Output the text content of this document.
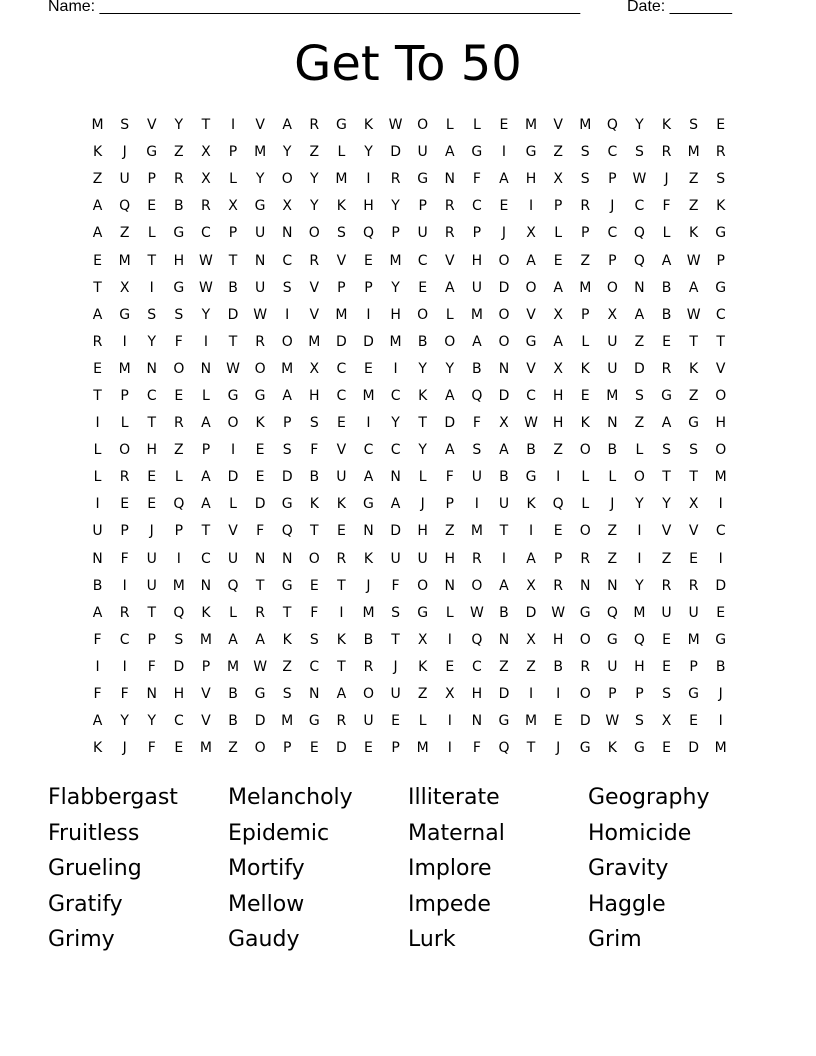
Name: ______________________________________________________	Date: _______
Get To 50
M	S	V	Y	T	I	V	A	R	G	K	W	O	L	L	E	M	V	M	Q	Y	K	S	E
K	J	G	Z	X	P	M	Y	Z	L	Y	D	U	A	G	I	G	Z	S	C	S	R	M	R
Z	U	P	R	X	L	Y	O	Y	M	I	R	G	N	F	A	H	X	S	P	W	J	Z	S
A	Q	E	B	R	X	G	X	Y	K	H	Y	P	R	C	E	I	P	R	J	C	F	Z	K
A	Z	L	G	C	P	U	N	O	S	Q	P	U	R	P	J	X	L	P	C	Q	L	K	G
E	M	T	H	W	T	N	C	R	V	E	M	C	V	H	O	A	E	Z	P	Q	A	W	P
T	X	I	G	W	B	U	S	V	P	P	Y	E	A	U	D	O	A	M	O	N	B	A	G
A	G	S	S	Y	D	W	I	V	M	I	H	O	L	M	O	V	X	P	X	A	B	W	C
R	I	Y	F	I	T	R	O	M	D	D	M	B	O	A	O	G	A	L	U	Z	E	T	T
E	M	N	O	N	W	O	M	X	C	E	I	Y	Y	B	N	V	X	K	U	D	R	K	V
T	P	C	E	L	G	G	A	H	C	M	C	K	A	Q	D	C	H	E	M	S	G	Z	O
I	L	T	R	A	O	K	P	S	E	I	Y	T	D	F	X	W	H	K	N	Z	A	G	H
L	O	H	Z	P	I	E	S	F	V	C	C	Y	A	S	A	B	Z	O	B	L	S	S	O
L	R	E	L	A	D	E	D	B	U	A	N	L	F	U	B	G	I	L	L	O	T	T	M
I	E	E	Q	A	L	D	G	K	K	G	A	J	P	I	U	K	Q	L	J	Y	Y	X	I
U	P	J	P	T	V	F	Q	T	E	N	D	H	Z	M	T	I	E	O	Z	I	V	V	C
N	F	U	I	C	U	N	N	O	R	K	U	U	H	R	I	A	P	R	Z	I	Z	E	I
B	I	U	M	N	Q	T	G	E	T	J	F	O	N	O	A	X	R	N	N	Y	R	R	D
A	R	T	Q	K	L	R	T	F	I	M	S	G	L	W	B	D	W	G	Q	M	U	U	E
F	C	P	S	M	A	A	K	S	K	B	T	X	I	Q	N	X	H	O	G	Q	E	M	G
I	I	F	D	P	M	W	Z	C	T	R	J	K	E	C	Z	Z	B	R	U	H	E	P	B
F	F	N	H	V	B	G	S	N	A	O	U	Z	X	H	D	I	I	O	P	P	S	G	J
A	Y	Y	C	V	B	D	M	G	R	U	E	L	I	N	G	M	E	D	W	S	X	E	I
K	J	F	E	M	Z	O	P	E	D	E	P	M	I	F	Q	T	J	G	K	G	E	D	M
Flabbergast	Melancholy	Illiterate	Geography
Fruitless	Epidemic	Maternal	Homicide
Grueling	Mortify	Implore	Gravity
Gratify	Mellow	Impede	Haggle
Grimy	Gaudy	Lurk	Grim
